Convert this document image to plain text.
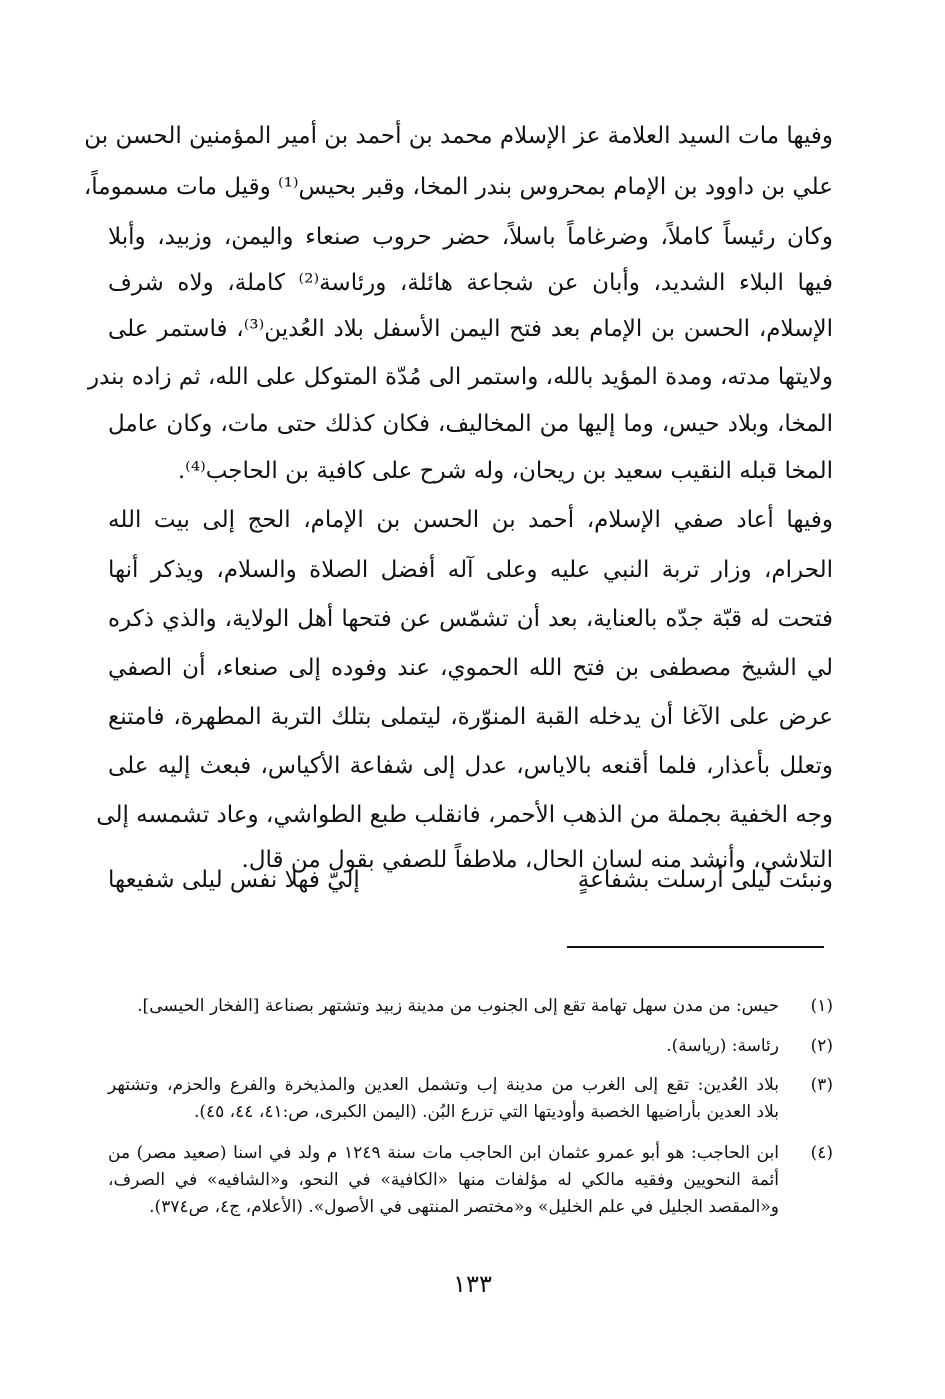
وفيها مات السيد العلامة عز الإسلام محمد بن أحمد بن أمير المؤمنين الحسن بن
علي بن داوود بن الإمام بمحروس بندر المخا، وقبر بحيس⁽¹⁾ وقيل مات مسموماً،
وكان رئيساً كاملاً، وضرغاماً باسلاً، حضر حروب صنعاء واليمن، وزبيد، وأبلا
فيها البلاء الشديد، وأبان عن شجاعة هائلة، ورئاسة⁽²⁾ كاملة، ولاه شرف
الإسلام، الحسن بن الإمام بعد فتح اليمن الأسفل بلاد العُدين⁽³⁾، فاستمر على
ولايتها مدته، ومدة المؤيد بالله، واستمر الى مُدّة المتوكل على الله، ثم زاده بندر
المخا، وبلاد حيس، وما إليها من المخاليف، فكان كذلك حتى مات، وكان عامل
المخا قبله النقيب سعيد بن ريحان، وله شرح على كافية بن الحاجب⁽⁴⁾.
وفيها أعاد صفي الإسلام، أحمد بن الحسن بن الإمام، الحج إلى بيت الله
الحرام، وزار تربة النبي عليه وعلى آله أفضل الصلاة والسلام، ويذكر أنها
فتحت له قبّة جدّه بالعناية، بعد أن تشمّس عن فتحها أهل الولاية، والذي ذكره
لي الشيخ مصطفى بن فتح الله الحموي، عند وفوده إلى صنعاء، أن الصفي
عرض على الآغا أن يدخله القبة المنوّرة، ليتملى بتلك التربة المطهرة، فامتنع
وتعلل بأعذار، فلما أقنعه بالاياس، عدل إلى شفاعة الأكياس، فبعث إليه على
وجه الخفية بجملة من الذهب الأحمر، فانقلب طبع الطواشي، وعاد تشمسه إلى
التلاشي، وأنشد منه لسان الحال، ملاطفاً للصفي بقول من قال.
ونبئت ليلى أرسلت بشفاعةٍ
إليّ فهلا نفس ليلى شفيعها
(١)
حيس: من مدن سهل تهامة تقع إلى الجنوب من مدينة زبيد وتشتهر بصناعة [الفخار الحيسى].
(٢)
رئاسة: (رياسة).
(٣)
بلاد العُدين: تقع إلى الغرب من مدينة إب وتشمل العدين والمذيخرة والفرع والحزم، وتشتهر
بلاد العدين بأراضيها الخصبة وأوديتها التي تزرع البُن. (اليمن الكبرى، ص:٤١، ٤٤، ٤٥).
(٤)
ابن الحاجب: هو أبو عمرو عثمان ابن الحاجب مات سنة ١٢٤٩ م ولد في اسنا (صعيد مصر) من
أئمة النحويين وفقيه مالكي له مؤلفات منها «الكافية» في النحو، و«الشافيه» في الصرف،
و«المقصد الجليل في علم الخليل» و«مختصر المنتهى في الأصول». (الأعلام، ج٤، ص٣٧٤).
١٣٣
